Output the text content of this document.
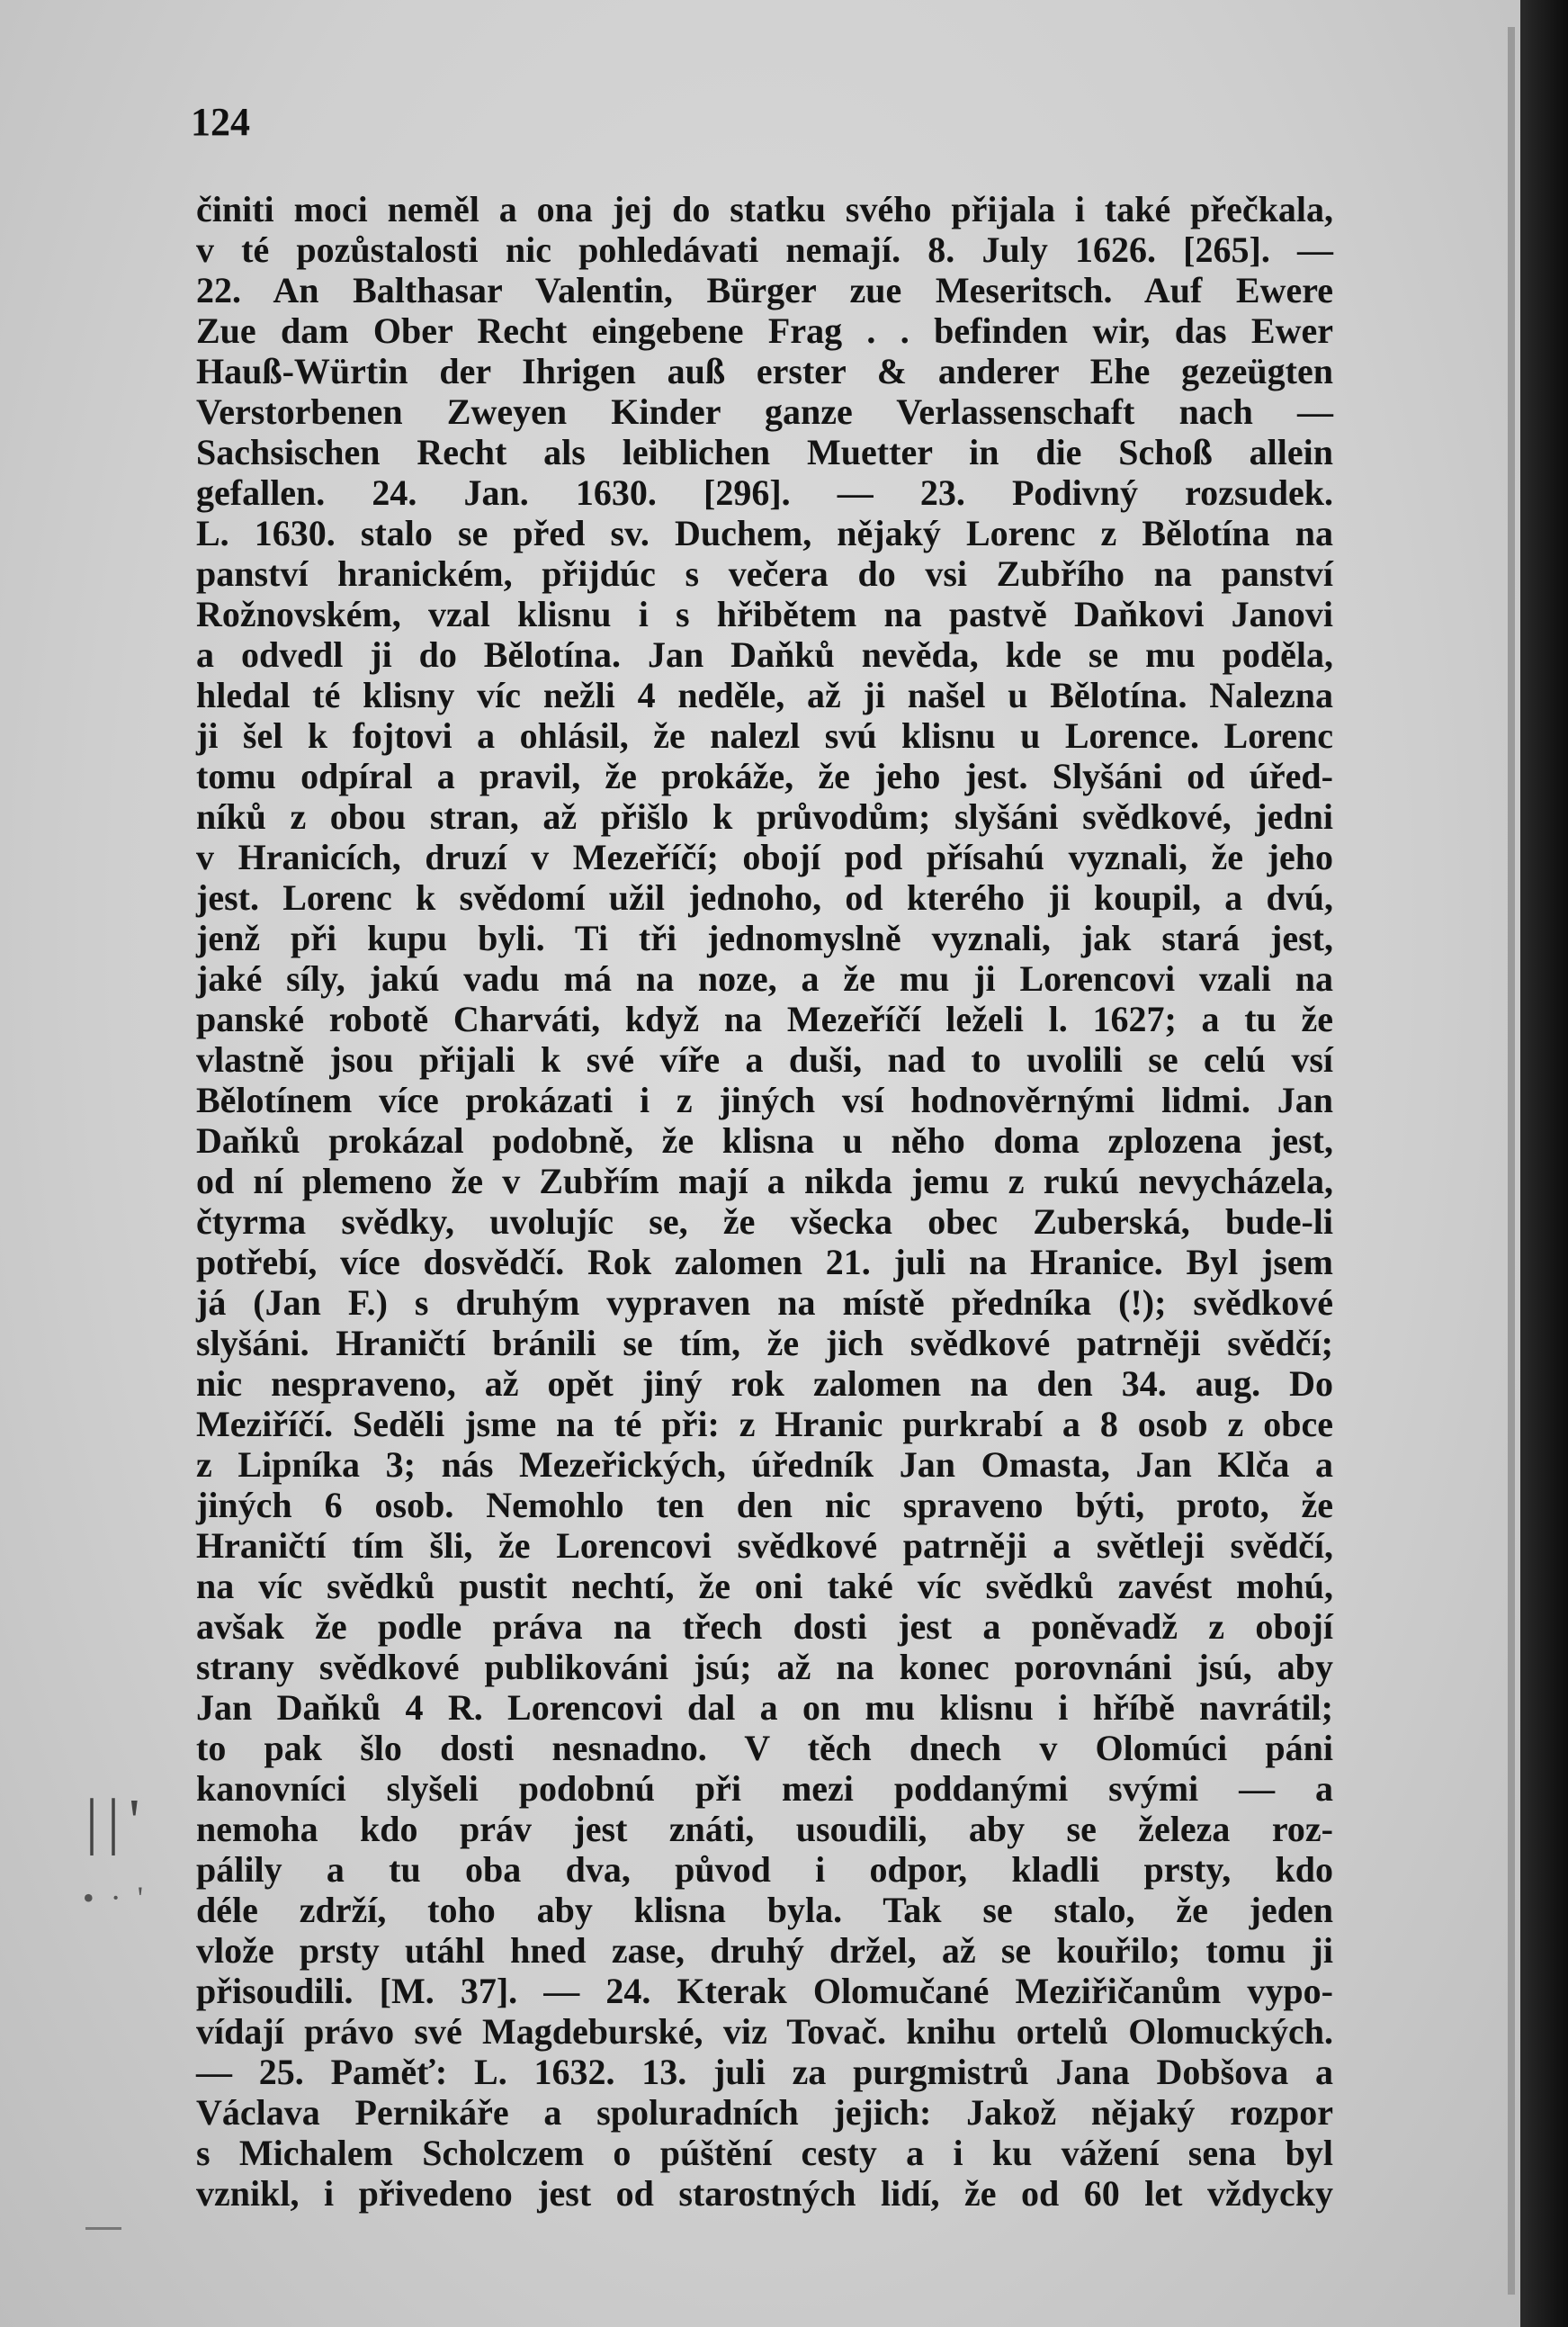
124
činiti moci neměl a ona jej do statku svého přijala i také přečkala,
v té pozůstalosti nic pohledávati nemají. 8. July 1626. [265]. —
22. An Balthasar Valentin, Bürger zue Meseritsch. Auf Ewere
Zue dam Ober Recht eingebene Frag . . befinden wir, das Ewer
Hauß-Würtin der Ihrigen auß erster & anderer Ehe gezeügten
Verstorbenen Zweyen Kinder ganze Verlassenschaft nach —
Sachsischen Recht als leiblichen Muetter in die Schoß allein
gefallen. 24. Jan. 1630. [296]. — 23. Podivný rozsudek.
L. 1630. stalo se před sv. Duchem, nějaký Lorenc z Bělotína na
panství hranickém, přijdúc s večera do vsi Zubřího na panství
Rožnovském, vzal klisnu i s hřibětem na pastvě Daňkovi Janovi
a odvedl ji do Bělotína. Jan Daňků nevěda, kde se mu poděla,
hledal té klisny víc nežli 4 neděle, až ji našel u Bělotína. Nalezna
ji šel k fojtovi a ohlásil, že nalezl svú klisnu u Lorence. Lorenc
tomu odpíral a pravil, že prokáže, že jeho jest. Slyšáni od úřed-
níků z obou stran, až přišlo k průvodům; slyšáni svědkové, jedni
v Hranicích, druzí v Mezeříčí; obojí pod přísahú vyznali, že jeho
jest. Lorenc k svědomí užil jednoho, od kterého ji koupil, a dvú,
jenž při kupu byli. Ti tři jednomyslně vyznali, jak stará jest,
jaké síly, jakú vadu má na noze, a že mu ji Lorencovi vzali na
panské robotě Charváti, když na Mezeříčí leželi l. 1627; a tu že
vlastně jsou přijali k své víře a duši, nad to uvolili se celú vsí
Bělotínem více prokázati i z jiných vsí hodnověrnými lidmi. Jan
Daňků prokázal podobně, že klisna u něho doma zplozena jest,
od ní plemeno že v Zubřím mají a nikda jemu z rukú nevycházela,
čtyrma svědky, uvolujíc se, že všecka obec Zuberská, bude-li
potřebí, více dosvědčí. Rok zalomen 21. juli na Hranice. Byl jsem
já (Jan F.) s druhým vypraven na místě předníka (!); svědkové
slyšáni. Hraničtí bránili se tím, že jich svědkové patrněji svědčí;
nic nespraveno, až opět jiný rok zalomen na den 34. aug. Do
Meziříčí. Seděli jsme na té při: z Hranic purkrabí a 8 osob z obce
z Lipníka 3; nás Mezeřických, úředník Jan Omasta, Jan Klča a
jiných 6 osob. Nemohlo ten den nic spraveno býti, proto, že
Hraničtí tím šli, že Lorencovi svědkové patrněji a světleji svědčí,
na víc svědků pustit nechtí, že oni také víc svědků zavést mohú,
avšak že podle práva na třech dosti jest a poněvadž z obojí
strany svědkové publikováni jsú; až na konec porovnáni jsú, aby
Jan Daňků 4 R. Lorencovi dal a on mu klisnu i hříbě navrátil;
to pak šlo dosti nesnadno. V těch dnech v Olomúci páni
kanovníci slyšeli podobnú při mezi poddanými svými — a
nemoha kdo práv jest znáti, usoudili, aby se železa roz-
pálily a tu oba dva, původ i odpor, kladli prsty, kdo
déle zdrží, toho aby klisna byla. Tak se stalo, že jeden
vlože prsty utáhl hned zase, druhý držel, až se kouřilo; tomu ji
přisoudili. [M. 37]. — 24. Kterak Olomučané Meziřičanům vypo-
vídají právo své Magdeburské, viz Tovač. knihu ortelů Olomuckých.
— 25. Paměť: L. 1632. 13. juli za purgmistrů Jana Dobšova a
Václava Pernikáře a spoluradních jejich: Jakož nějaký rozpor
s Michalem Scholczem o púštění cesty a i ku vážení sena byl
vznikl, i přivedeno jest od starostných lidí, že od 60 let vždycky
||'
•·'
